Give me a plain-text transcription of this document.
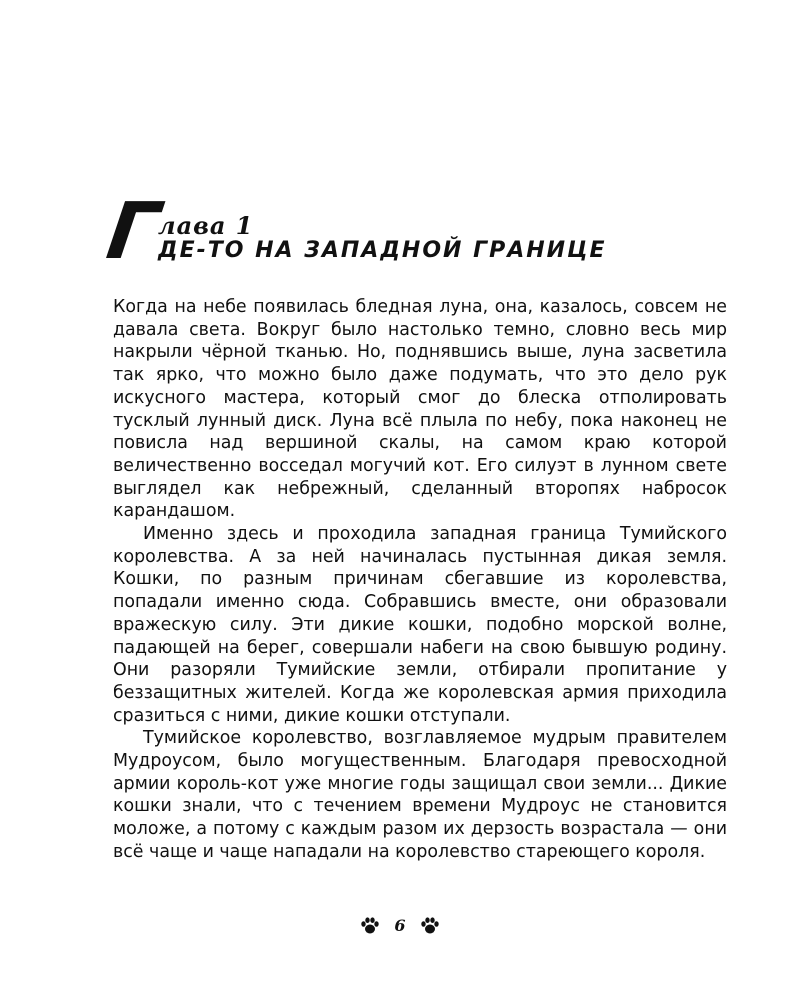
Г
лава 1
ДЕ-ТО НА ЗАПАДНОЙ ГРАНИЦЕ

Когда на небе появилась бледная луна, она, казалось, совсем не давала света. Вокруг было настолько темно, словно весь мир накрыли чёрной тканью. Но, поднявшись выше, луна засветила так ярко, что можно было даже подумать, что это дело рук искусного мастера, который смог до блеска отполировать тусклый лунный диск. Луна всё плыла по небу, пока наконец не повисла над вершиной скалы, на самом краю которой величественно восседал могучий кот. Его силуэт в лунном свете выглядел как небрежный, сделанный второпях набросок карандашом.

Именно здесь и проходила западная граница Тумийского королевства. А за ней начиналась пустынная дикая земля. Кошки, по разным причинам сбегавшие из королевства, попадали именно сюда. Собравшись вместе, они образовали вражескую силу. Эти дикие кошки, подобно морской волне, падающей на берег, совершали набеги на свою бывшую родину. Они разоряли Тумийские земли, отбирали пропитание у беззащитных жителей. Когда же королевская армия приходила сразиться с ними, дикие кошки отступали.

Тумийское королевство, возглавляемое мудрым правителем Мудроусом, было могущественным. Благодаря превосходной армии король-кот уже многие годы защищал свои земли... Дикие кошки знали, что с течением времени Мудроус не становится моложе, а потому с каждым разом их дерзость возрастала — они всё чаще и чаще нападали на королевство стареющего короля.

6
